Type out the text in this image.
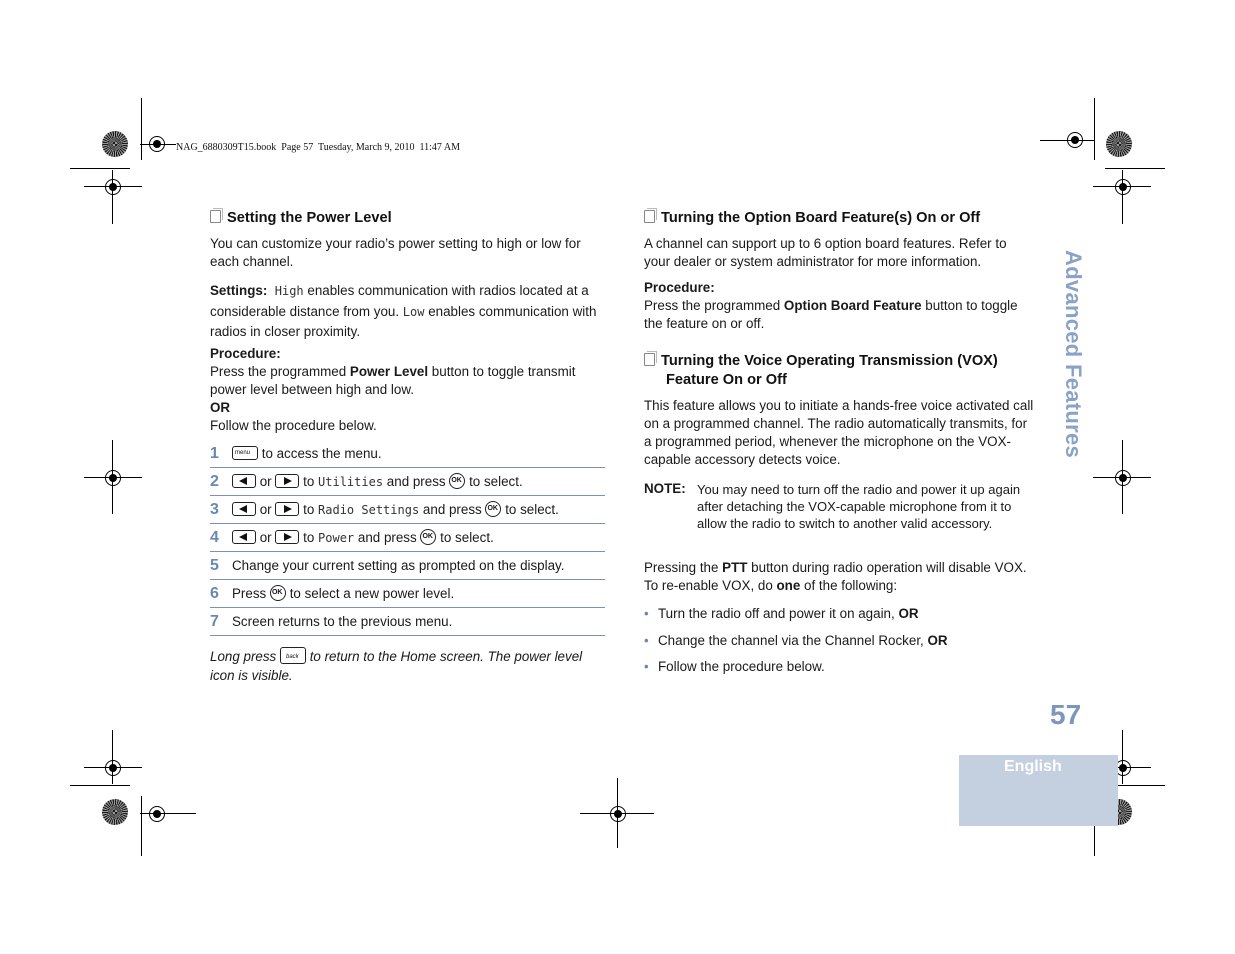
NAG_6880309T15.book  Page 57  Tuesday, March 9, 2010  11:47 AM
Advanced Features
English
57
Setting the Power Level
You can customize your radio’s power setting to high or low for each channel.
Settings: High enables communication with radios located at a considerable distance from you. Low enables communication with radios in closer proximity.
Procedure:
Press the programmed Power Level button to toggle transmit power level between high and low.
OR
Follow the procedure below.
1 menu	to access the menu.
2	or to Utilities and press OK to select.
3	or to Radio Settings and press OK to select.
4	or to Power and press OK to select.
5 Change your current setting as prompted on the display.
6 Press OK to select a new power level.
7 Screen returns to the previous menu.
Long press back to return to the Home screen. The power level icon is visible.
Turning the Option Board Feature(s) On or Off
A channel can support up to 6 option board features. Refer to your dealer or system administrator for more information.
Procedure:
Press the programmed Option Board Feature button to toggle the feature on or off.
Turning the Voice Operating Transmission (VOX)
Feature On or Off
This feature allows you to initiate a hands-free voice activated call on a programmed channel. The radio automatically transmits, for a programmed period, whenever the microphone on the VOX-capable accessory detects voice.
NOTE: You may need to turn off the radio and power it up again after detaching the VOX-capable microphone from it to allow the radio to switch to another valid accessory.
Pressing the PTT button during radio operation will disable VOX. To re-enable VOX, do one of the following:
• Turn the radio off and power it on again, OR
• Change the channel via the Channel Rocker, OR
• Follow the procedure below.
